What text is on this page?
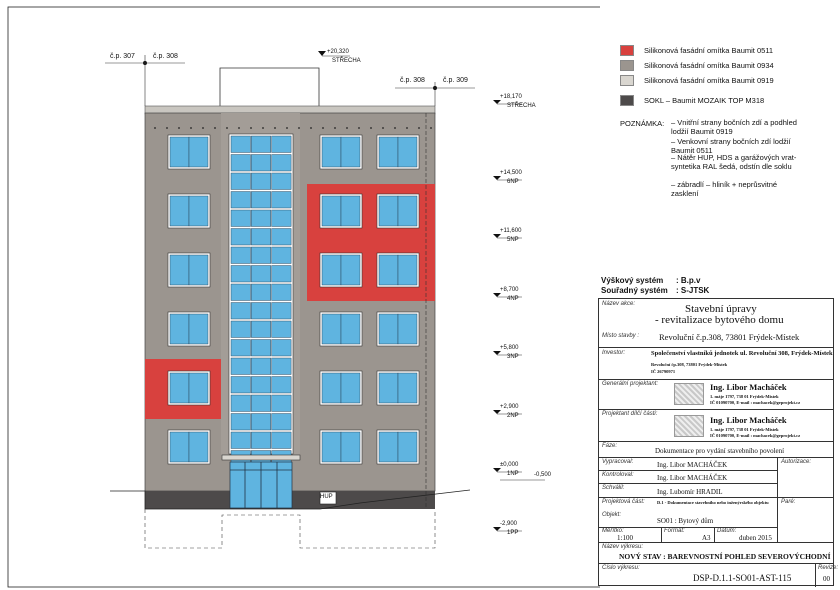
č.p. 307	č.p. 308
č.p. 308	č.p. 309
+20,320
STŘECHA
+18,170
STŘECHA
+14,500
6NP
+11,600
5NP
+8,700
4NP
+5,800
3NP
+2,900
2NP
±0,000
1NP
-2,900
1PP
-0,500
HUP
Silikonová fasádní omítka Baumit 0511
Silikonová fasádní omítka Baumit 0934
Silikonová fasádní omítka Baumit 0919
SOKL – Baumit MOZAIK TOP M318
POZNÁMKA: – Vnitřní strany bočních zdí a podhled lodžií Baumit 0919
– Venkovní strany bočních zdí lodžií Baumit 0511
– Nátěr HUP, HDS a garážových vrat- syntetika RAL šedá, odstín dle soklu
– zábradlí – hliník + neprůsvitné zasklení
Výškový systém : B.p.v
Souřadný systém : S-JTSK
Název akce:	Stavební úpravy
- revitalizace bytového domu
Místo stavby : Revoluční č.p.308, 73801 Frýdek-Místek
Investor:	Společenství vlastníků jednotek ul. Revoluční 308, Frýdek-Místek
Revoluční čp.308, 73801 Frýdek-Místek
IČ 26790971
Generální projektant:	Ing. Libor Macháček
1. máje 1797, 738 01 Frýdek-Místek
IČ 01090700, E-mail : machacek@geprojekt.cz
Projektant dílčí části:
Ing. Libor Macháček
1. máje 1797, 738 01 Frýdek-Místek
IČ 01090700, E-mail : machacek@geprojekt.cz
Fáze:
Dokumentace pro vydání stavebního povolení
Vypracoval:	Ing. Libor MACHÁČEK	Autorizace:
Kontroloval:	Ing. Libor MACHÁČEK
Schválil:	Ing. Lubomír HRADIL
Projektová část:	D.1 - Dokumentace stavebního nebo inženýrského objektu Paré:
Objekt:
SO01 : Bytový dům
Měřítko:
1:100
Formát:
A3
Datum:
duben 2015
Název výkresu:
NOVÝ STAV : BAREVNOSTNÍ POHLED SEVEROVÝCHODNÍ
Číslo výkresu:
DSP-D.1.1-SO01-AST-115
Revize:
00
